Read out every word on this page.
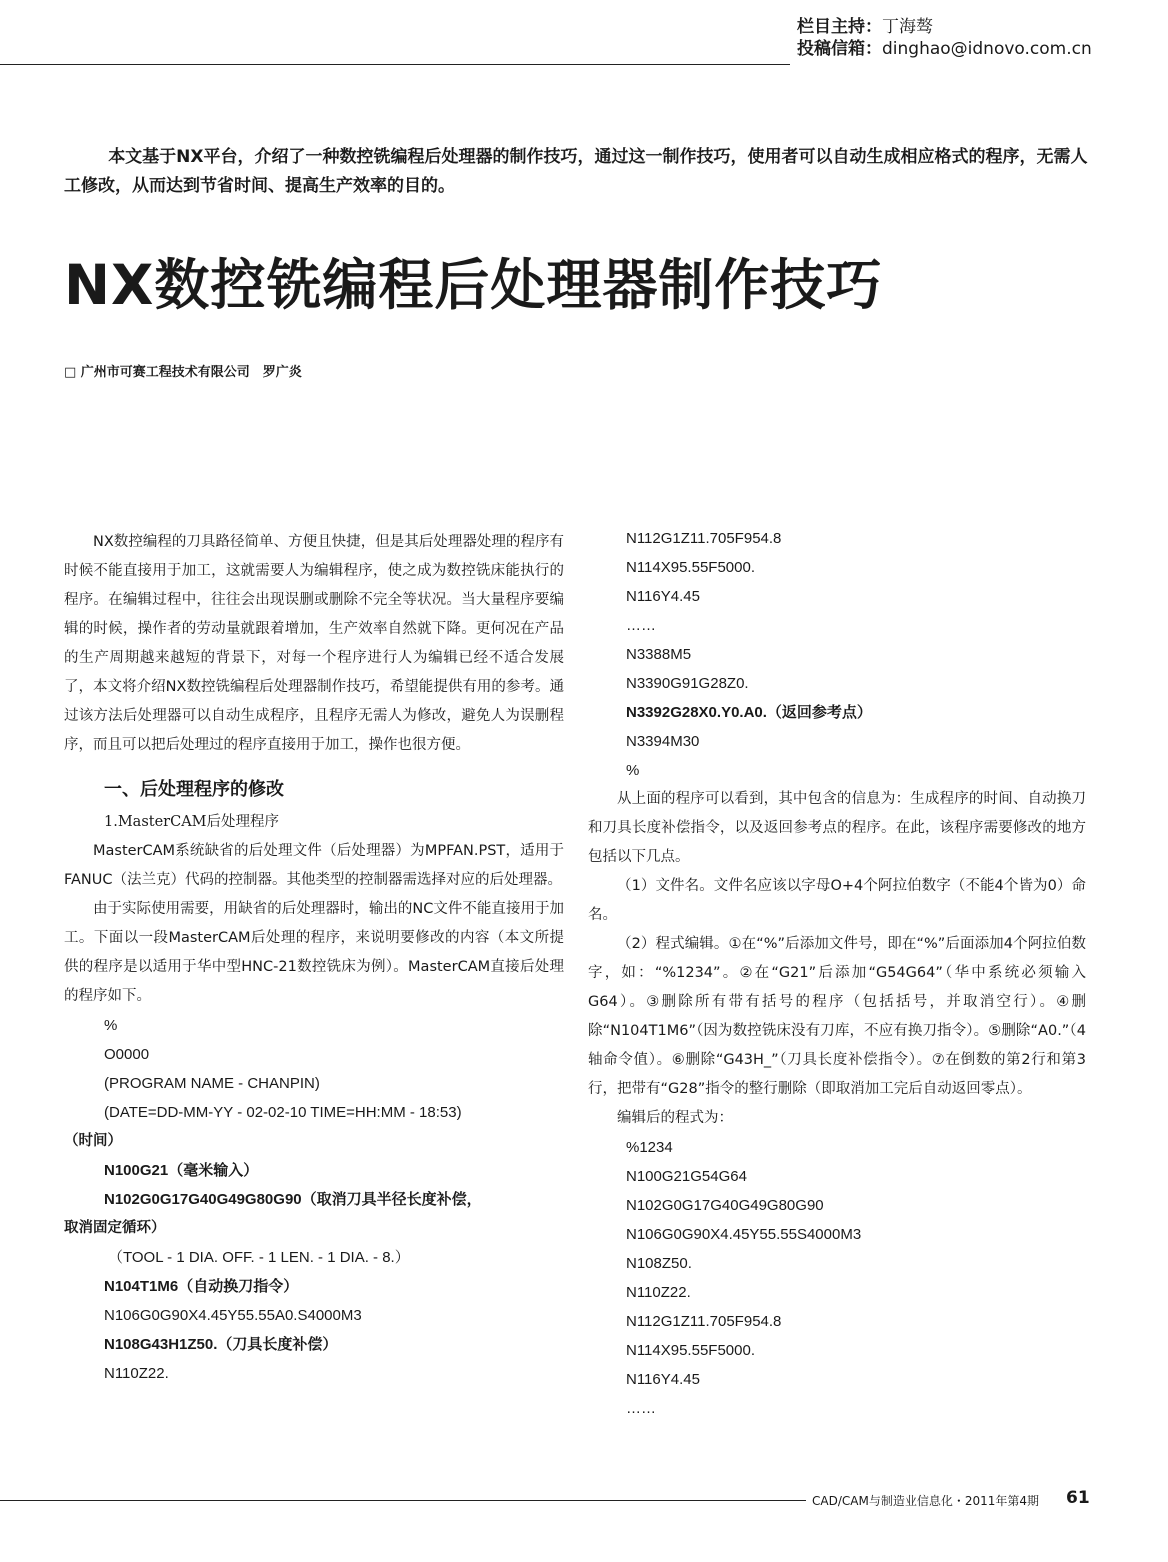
栏目主持：丁海骜
投稿信箱：dinghao@idnovo.com.cn

本文基于NX平台，介绍了一种数控铣编程后处理器的制作技巧，通过这一制作技巧，使用者可以自动生成相应格式的程序，无需人工修改，从而达到节省时间、提高生产效率的目的。

NX数控铣编程后处理器制作技巧
□ 广州市可赛工程技术有限公司　罗广炎

NX数控编程的刀具路径简单、方便且快捷，但是其后处理器处理的程序有时候不能直接用于加工，这就需要人为编辑程序，使之成为数控铣床能执行的程序。在编辑过程中，往往会出现误删或删除不完全等状况。当大量程序要编辑的时候，操作者的劳动量就跟着增加，生产效率自然就下降。更何况在产品的生产周期越来越短的背景下，对每一个程序进行人为编辑已经不适合发展了，本文将介绍NX数控铣编程后处理器制作技巧，希望能提供有用的参考。通过该方法后处理器可以自动生成程序，且程序无需人为修改，避免人为误删程序，而且可以把后处理过的程序直接用于加工，操作也很方便。

一、后处理程序的修改
1.MasterCAM后处理程序

MasterCAM系统缺省的后处理文件（后处理器）为MPFAN.PST，适用于FANUC（法兰克）代码的控制器。其他类型的控制器需选择对应的后处理器。

由于实际使用需要，用缺省的后处理器时，输出的NC文件不能直接用于加工。下面以一段MasterCAM后处理的程序，来说明要修改的内容（本文所提供的程序是以适用于华中型HNC-21数控铣床为例）。MasterCAM直接后处理的程序如下。

%

O0000

(PROGRAM NAME - CHANPIN)

(DATE=DD-MM-YY - 02-02-10 TIME=HH:MM - 18:53)

（时间）

N100G21（毫米输入）

N102G0G17G40G49G80G90（取消刀具半径长度补偿，

取消固定循环）

（TOOL - 1 DIA. OFF. - 1 LEN. - 1 DIA. - 8.）

N104T1M6（自动换刀指令）

N106G0G90X4.45Y55.55A0.S4000M3

N108G43H1Z50.（刀具长度补偿）

N110Z22.

N112G1Z11.705F954.8

N114X95.55F5000.

N116Y4.45

……

N3388M5

N3390G91G28Z0.

N3392G28X0.Y0.A0.（返回参考点）

N3394M30

%

从上面的程序可以看到，其中包含的信息为：生成程序的时间、自动换刀和刀具长度补偿指令，以及返回参考点的程序。在此，该程序需要修改的地方包括以下几点。

（1）文件名。文件名应该以字母O+4个阿拉伯数字（不能4个皆为0）命名。

（2）程式编辑。①在“%”后添加文件号，即在“%”后面添加4个阿拉伯数字，如：“%1234”。②在“G21”后添加“G54G64”（华中系统必须输入G64）。③删除所有带有括号的程序（包括括号，并取消空行）。④删除“N104T1M6”（因为数控铣床没有刀库，不应有换刀指令）。⑤删除“A0.”（4轴命令值）。⑥删除“G43H_”（刀具长度补偿指令）。⑦在倒数的第2行和第3行，把带有“G28”指令的整行删除（即取消加工完后自动返回零点）。

编辑后的程式为：

%1234

N100G21G54G64

N102G0G17G40G49G80G90

N106G0G90X4.45Y55.55S4000M3

N108Z50.

N110Z22.

N112G1Z11.705F954.8

N114X95.55F5000.

N116Y4.45

……

CAD/CAM与制造业信息化・2011年第4期 61
